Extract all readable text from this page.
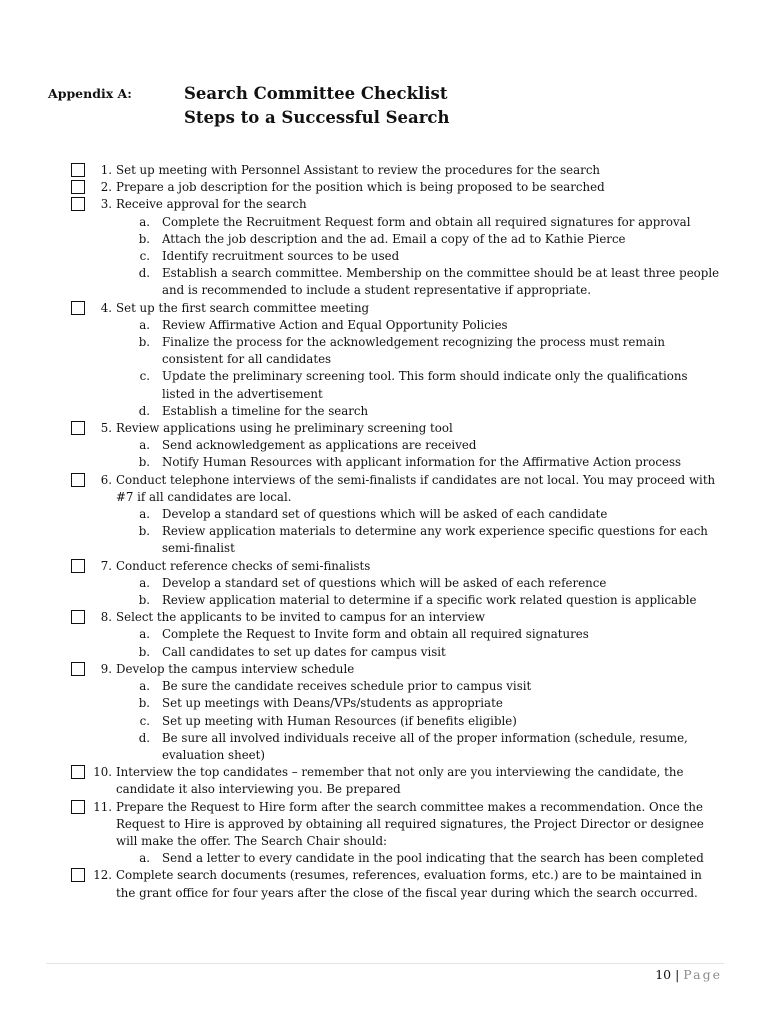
Appendix A:	Search Committee Checklist
Steps to a Successful Search
1. Set up meeting with Personnel Assistant to review the procedures for the search
2. Prepare a job description for the position which is being proposed to be searched
3. Receive approval for the search
a. Complete the Recruitment Request form and obtain all required signatures for approval
b. Attach the job description and the ad. Email a copy of the ad to Kathie Pierce
c. Identify recruitment sources to be used
d. Establish a search committee. Membership on the committee should be at least three people and is recommended to include a student representative if appropriate.
4. Set up the first search committee meeting
a. Review Affirmative Action and Equal Opportunity Policies
b. Finalize the process for the acknowledgement recognizing the process must remain consistent for all candidates
c. Update the preliminary screening tool. This form should indicate only the qualifications listed in the advertisement
d. Establish a timeline for the search
5. Review applications using he preliminary screening tool
a. Send acknowledgement as applications are received
b. Notify Human Resources with applicant information for the Affirmative Action process
6. Conduct telephone interviews of the semi-finalists if candidates are not local. You may proceed with #7 if all candidates are local.
a. Develop a standard set of questions which will be asked of each candidate
b. Review application materials to determine any work experience specific questions for each semi-finalist
7. Conduct reference checks of semi-finalists
a. Develop a standard set of questions which will be asked of each reference
b. Review application material to determine if a specific work related question is applicable
8. Select the applicants to be invited to campus for an interview
a. Complete the Request to Invite form and obtain all required signatures
b. Call candidates to set up dates for campus visit
9. Develop the campus interview schedule
a. Be sure the candidate receives schedule prior to campus visit
b. Set up meetings with Deans/VPs/students as appropriate
c. Set up meeting with Human Resources (if benefits eligible)
d. Be sure all involved individuals receive all of the proper information (schedule, resume, evaluation sheet)
10. Interview the top candidates – remember that not only are you interviewing the candidate, the candidate it also interviewing you. Be prepared
11. Prepare the Request to Hire form after the search committee makes a recommendation. Once the Request to Hire is approved by obtaining all required signatures, the Project Director or designee will make the offer. The Search Chair should:
a. Send a letter to every candidate in the pool indicating that the search has been completed
12. Complete search documents (resumes, references, evaluation forms, etc.) are to be maintained in the grant office for four years after the close of the fiscal year during which the search occurred.
10 | Page
